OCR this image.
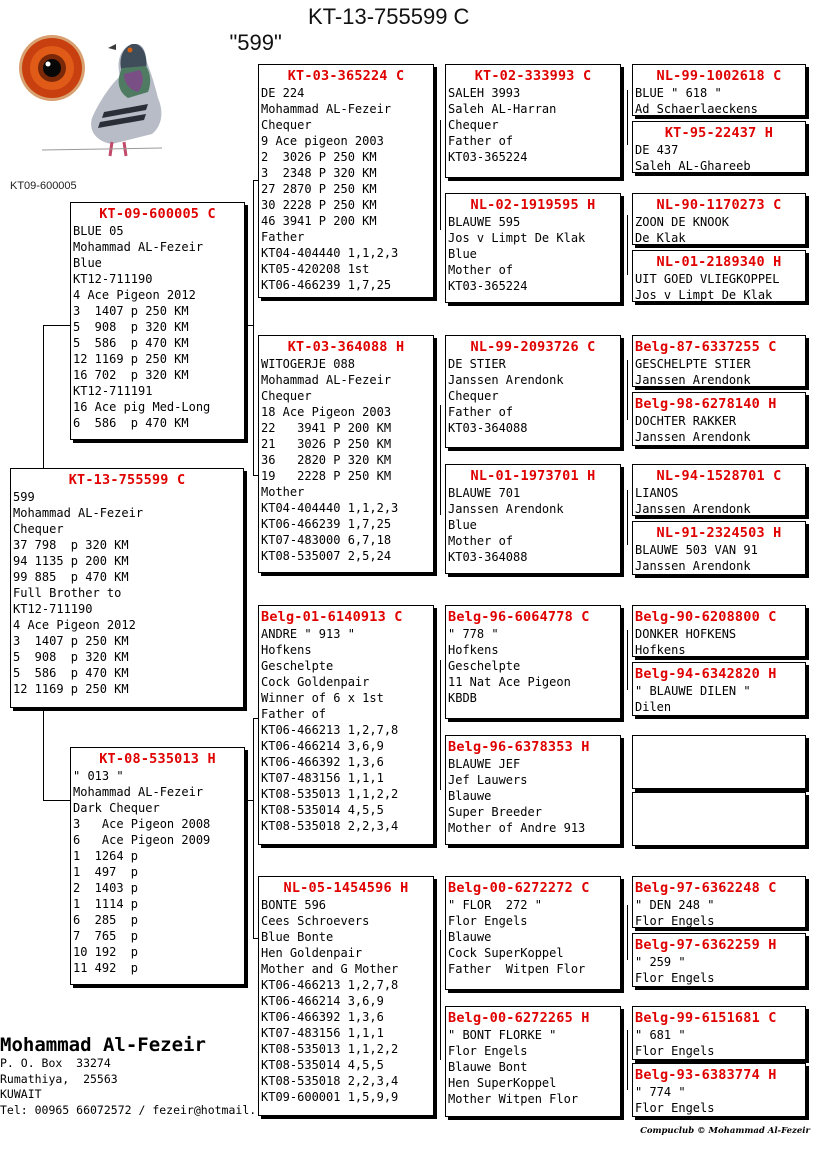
"599"

KT-13-755599 C

KT09-600005
KT-13-755599 C
599
Mohammad AL-Fezeir
Chequer
37 798  p 320 KM
94 1135 p 200 KM
99 885  p 470 KM
Full Brother to
KT12-711190
4 Ace Pigeon 2012
3  1407 p 250 KM
5  908  p 320 KM
5  586  p 470 KM
12 1169 p 250 KM
KT-09-600005 C
BLUE 05
Mohammad AL-Fezeir
Blue
KT12-711190
4 Ace Pigeon 2012
3  1407 p 250 KM
5  908  p 320 KM
5  586  p 470 KM
12 1169 p 250 KM
16 702  p 320 KM
KT12-711191
16 Ace pig Med-Long
6  586  p 470 KM
KT-08-535013 H
" 013 "
Mohammad AL-Fezeir
Dark Chequer
3   Ace Pigeon 2008
6   Ace Pigeon 2009
1  1264 p
1  497  p
2  1403 p
1  1114 p
6  285  p
7  765  p
10 192  p
11 492  p
KT-03-365224 C
DE 224
Mohammad AL-Fezeir
Chequer
9 Ace pigeon 2003
2  3026 P 250 KM
3  2348 P 320 KM
27 2870 P 250 KM
30 2228 P 250 KM
46 3941 P 200 KM
Father
KT04-404440 1,1,2,3
KT05-420208 1st
KT06-466239 1,7,25
KT-03-364088 H
WITOGERJE 088
Mohammad AL-Fezeir
Chequer
18 Ace Pigeon 2003
22   3941 P 200 KM
21   3026 P 250 KM
36   2820 P 320 KM
19   2228 P 250 KM
Mother
KT04-404440 1,1,2,3
KT06-466239 1,7,25
KT07-483000 6,7,18
KT08-535007 2,5,24
Belg-01-6140913 C
ANDRE " 913 "
Hofkens
Geschelpte
Cock Goldenpair
Winner of 6 x 1st
Father of
KT06-466213 1,2,7,8
KT06-466214 3,6,9
KT06-466392 1,3,6
KT07-483156 1,1,1
KT08-535013 1,1,2,2
KT08-535014 4,5,5
KT08-535018 2,2,3,4
NL-05-1454596 H
BONTE 596
Cees Schroevers
Blue Bonte
Hen Goldenpair
Mother and G Mother
KT06-466213 1,2,7,8
KT06-466214 3,6,9
KT06-466392 1,3,6
KT07-483156 1,1,1
KT08-535013 1,1,2,2
KT08-535014 4,5,5
KT08-535018 2,2,3,4
KT09-600001 1,5,9,9
KT-02-333993 C
SALEH 3993
Saleh AL-Harran
Chequer
Father of
KT03-365224
NL-02-1919595 H
BLAUWE 595
Jos v Limpt De Klak
Blue
Mother of
KT03-365224
NL-99-2093726 C
DE STIER
Janssen Arendonk
Chequer
Father of
KT03-364088
NL-01-1973701 H
BLAUWE 701
Janssen Arendonk
Blue
Mother of
KT03-364088
Belg-96-6064778 C
" 778 "
Hofkens
Geschelpte
11 Nat Ace Pigeon
KBDB
Belg-96-6378353 H
BLAUWE JEF
Jef Lauwers
Blauwe
Super Breeder
Mother of Andre 913
Belg-00-6272272 C
" FLOR  272 "
Flor Engels
Blauwe
Cock SuperKoppel
Father  Witpen Flor
Belg-00-6272265 H
" BONT FLORKE "
Flor Engels
Blauwe Bont
Hen SuperKoppel
Mother Witpen Flor
NL-99-1002618 C
BLUE " 618 "
Ad Schaerlaeckens
KT-95-22437 H
DE 437
Saleh AL-Ghareeb
NL-90-1170273 C
ZOON DE KNOOK
De Klak
NL-01-2189340 H
UIT GOED VLIEGKOPPEL
Jos v Limpt De Klak
Belg-87-6337255 C
GESCHELPTE STIER
Janssen Arendonk
Belg-98-6278140 H
DOCHTER RAKKER
Janssen Arendonk
NL-94-1528701 C
LIANOS
Janssen Arendonk
NL-91-2324503 H
BLAUWE 503 VAN 91
Janssen Arendonk
Belg-90-6208800 C
DONKER HOFKENS
Hofkens
Belg-94-6342820 H
" BLAUWE DILEN "
Dilen
Belg-97-6362248 C
" DEN 248 "
Flor Engels
Belg-97-6362259 H
" 259 "
Flor Engels
Belg-99-6151681 C
" 681 "
Flor Engels
Belg-93-6383774 H
" 774 "
Flor Engels
Mohammad Al-Fezeir
P. O. Box  33274
Rumathiya,  25563
KUWAIT
Tel: 00965 66072572 / fezeir@hotmail.
Compuclub © Mohammad Al-Fezeir
